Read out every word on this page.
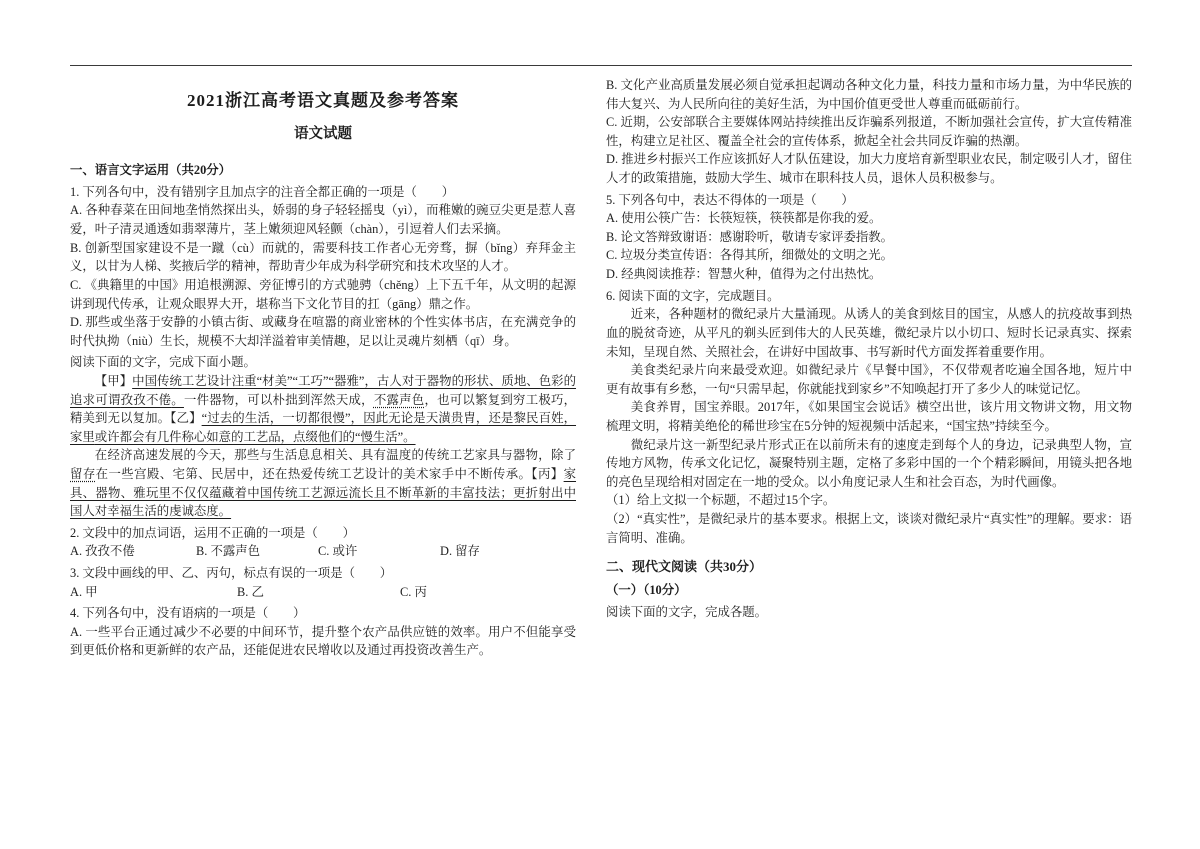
2021浙江高考语文真题及参考答案
语文试题

一、语言文字运用（共20分）

1. 下列各句中，没有错别字且加点字的注音全都正确的一项是（　　）

A. 各种春菜在田间地垄悄然探出头，娇弱的身子轻轻摇曳（yì），而稚嫩的豌豆尖更是惹人喜爱，叶子清灵通透如翡翠薄片，茎上嫩须迎风轻颤（chàn），引逗着人们去采摘。

B. 创新型国家建设不是一蹴（cù）而就的，需要科技工作者心无旁骛，摒（bǐng）弃拜金主义，以甘为人梯、奖掖后学的精神，帮助青少年成为科学研究和技术攻坚的人才。

C. 《典籍里的中国》用追根溯源、旁征博引的方式驰骋（chěng）上下五千年，从文明的起源讲到现代传承，让观众眼界大开，堪称当下文化节目的扛（gāng）鼎之作。

D. 那些或坐落于安静的小镇古街、或藏身在喧嚣的商业密林的个性实体书店，在充满竞争的时代执拗（niù）生长，规模不大却洋溢着审美情趣，足以让灵魂片刻栖（qī）身。

阅读下面的文字，完成下面小题。

【甲】中国传统工艺设计注重“材美”“工巧”“器雅”，古人对于器物的形状、质地、色彩的追求可谓孜孜不倦。一件器物，可以朴拙到浑然天成，不露声色，也可以繁复到穷工极巧，精美到无以复加。【乙】“过去的生活，一切都很慢”，因此无论是天潢贵胄，还是黎民百姓，家里或许都会有几件称心如意的工艺品，点缀他们的“慢生活”。

在经济高速发展的今天，那些与生活息息相关、具有温度的传统工艺家具与器物，除了留存在一些宫殿、宅第、民居中，还在热爱传统工艺设计的美术家手中不断传承。【丙】家具、器物、雅玩里不仅仅蕴藏着中国传统工艺源远流长且不断革新的丰富技法；更折射出中国人对幸福生活的虔诚态度。

2. 文段中的加点词语，运用不正确的一项是（　　）

A. 孜孜不倦	B. 不露声色	C. 或许	D. 留存

3. 文段中画线的甲、乙、丙句，标点有误的一项是（　　）

A. 甲	B. 乙	C. 丙

4. 下列各句中，没有语病的一项是（　　）

A. 一些平台正通过减少不必要的中间环节，提升整个农产品供应链的效率。用户不但能享受到更低价格和更新鲜的农产品，还能促进农民增收以及通过再投资改善生产。

B. 文化产业高质量发展必须自觉承担起调动各种文化力量，科技力量和市场力量，为中华民族的伟大复兴、为人民所向往的美好生活，为中国价值更受世人尊重而砥砺前行。

C. 近期，公安部联合主要媒体网站持续推出反诈骗系列报道，不断加强社会宣传，扩大宣传精准性，构建立足社区、覆盖全社会的宣传体系，掀起全社会共同反诈骗的热潮。

D. 推进乡村振兴工作应该抓好人才队伍建设，加大力度培育新型职业农民，制定吸引人才，留住人才的政策措施，鼓励大学生、城市在职科技人员，退休人员积极参与。

5. 下列各句中，表达不得体的一项是（　　）

A. 使用公筷广告：长筷短筷，筷筷都是你我的爱。

B. 论文答辩致谢语：感谢聆听，敬请专家评委指教。

C. 垃圾分类宣传语：各得其所，细微处的文明之光。

D. 经典阅读推荐：智慧火种，值得为之付出热忱。

6. 阅读下面的文字，完成题目。

近来，各种题材的微纪录片大量涌现。从诱人的美食到炫目的国宝，从感人的抗疫故事到热血的脱贫奇迹，从平凡的剃头匠到伟大的人民英雄，微纪录片以小切口、短时长记录真实、探索未知，呈现自然、关照社会，在讲好中国故事、书写新时代方面发挥着重要作用。

美食类纪录片向来最受欢迎。如微纪录片《早餐中国》，不仅带观者吃遍全国各地，短片中更有故事有乡愁，一句“只需早起，你就能找到家乡”不知唤起打开了多少人的味觉记忆。

美食养胃，国宝养眼。2017年，《如果国宝会说话》横空出世，该片用文物讲文物，用文物梳理文明，将精美绝伦的稀世珍宝在5分钟的短视频中活起来，“国宝热”持续至今。

微纪录片这一新型纪录片形式正在以前所未有的速度走到每个人的身边，记录典型人物，宣传地方风物，传承文化记忆，凝聚特别主题，定格了多彩中国的一个个精彩瞬间，用镜头把各地的亮色呈现给相对固定在一地的受众。以小角度记录人生和社会百态，为时代画像。

（1）给上文拟一个标题，不超过15个字。

（2）“真实性”，是微纪录片的基本要求。根据上文，谈谈对微纪录片“真实性”的理解。要求：语言简明、准确。

二、现代文阅读（共30分）

（一）（10分）

阅读下面的文字，完成各题。
